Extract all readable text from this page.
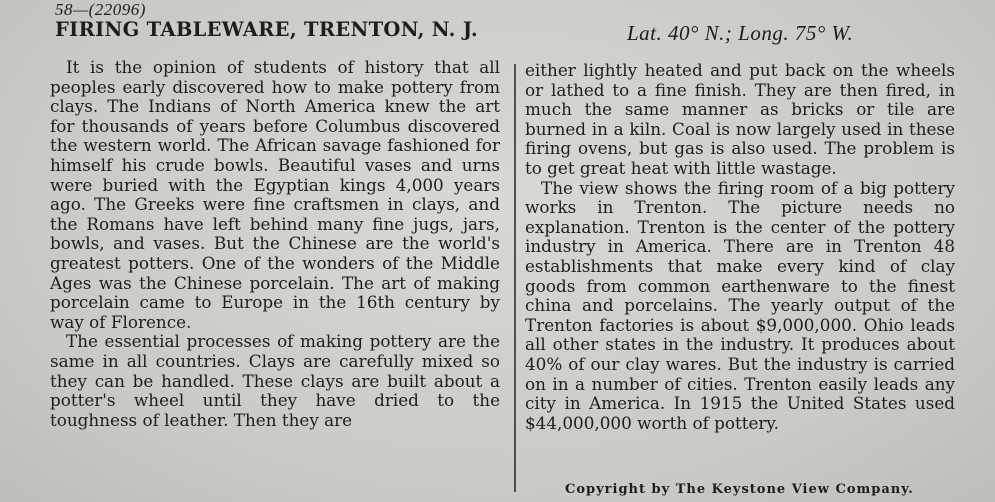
58—(22096)
FIRING TABLEWARE, TRENTON, N. J.	Lat. 40° N.; Long. 75° W.

It is the opinion of students of history that all peoples early discovered how to make pottery from clays. The Indians of North America knew the art for thousands of years before Columbus discovered the western world. The African savage fashioned for himself his crude bowls. Beautiful vases and urns were buried with the Egyptian kings 4,000 years ago. The Greeks were fine craftsmen in clays, and the Romans have left behind many fine jugs, jars, bowls, and vases. But the Chinese are the world's greatest potters. One of the wonders of the Middle Ages was the Chinese porcelain. The art of making porcelain came to Europe in the 16th century by way of Florence.

The essential processes of making pottery are the same in all countries. Clays are carefully mixed so they can be handled. These clays are built about a potter's wheel until they have dried to the toughness of leather. Then they are

either lightly heated and put back on the wheels or lathed to a fine finish. They are then fired, in much the same manner as bricks or tile are burned in a kiln. Coal is now largely used in these firing ovens, but gas is also used. The problem is to get great heat with little wastage.

The view shows the firing room of a big pottery works in Trenton. The picture needs no explanation. Trenton is the center of the pottery industry in America. There are in Trenton 48 establishments that make every kind of clay goods from common earthenware to the finest china and porcelains. The yearly output of the Trenton factories is about $9,000,000. Ohio leads all other states in the industry. It produces about 40% of our clay wares. But the industry is carried on in a number of cities. Trenton easily leads any city in America. In 1915 the United States used $44,000,000 worth of pottery.

Copyright by The Keystone View Company.
